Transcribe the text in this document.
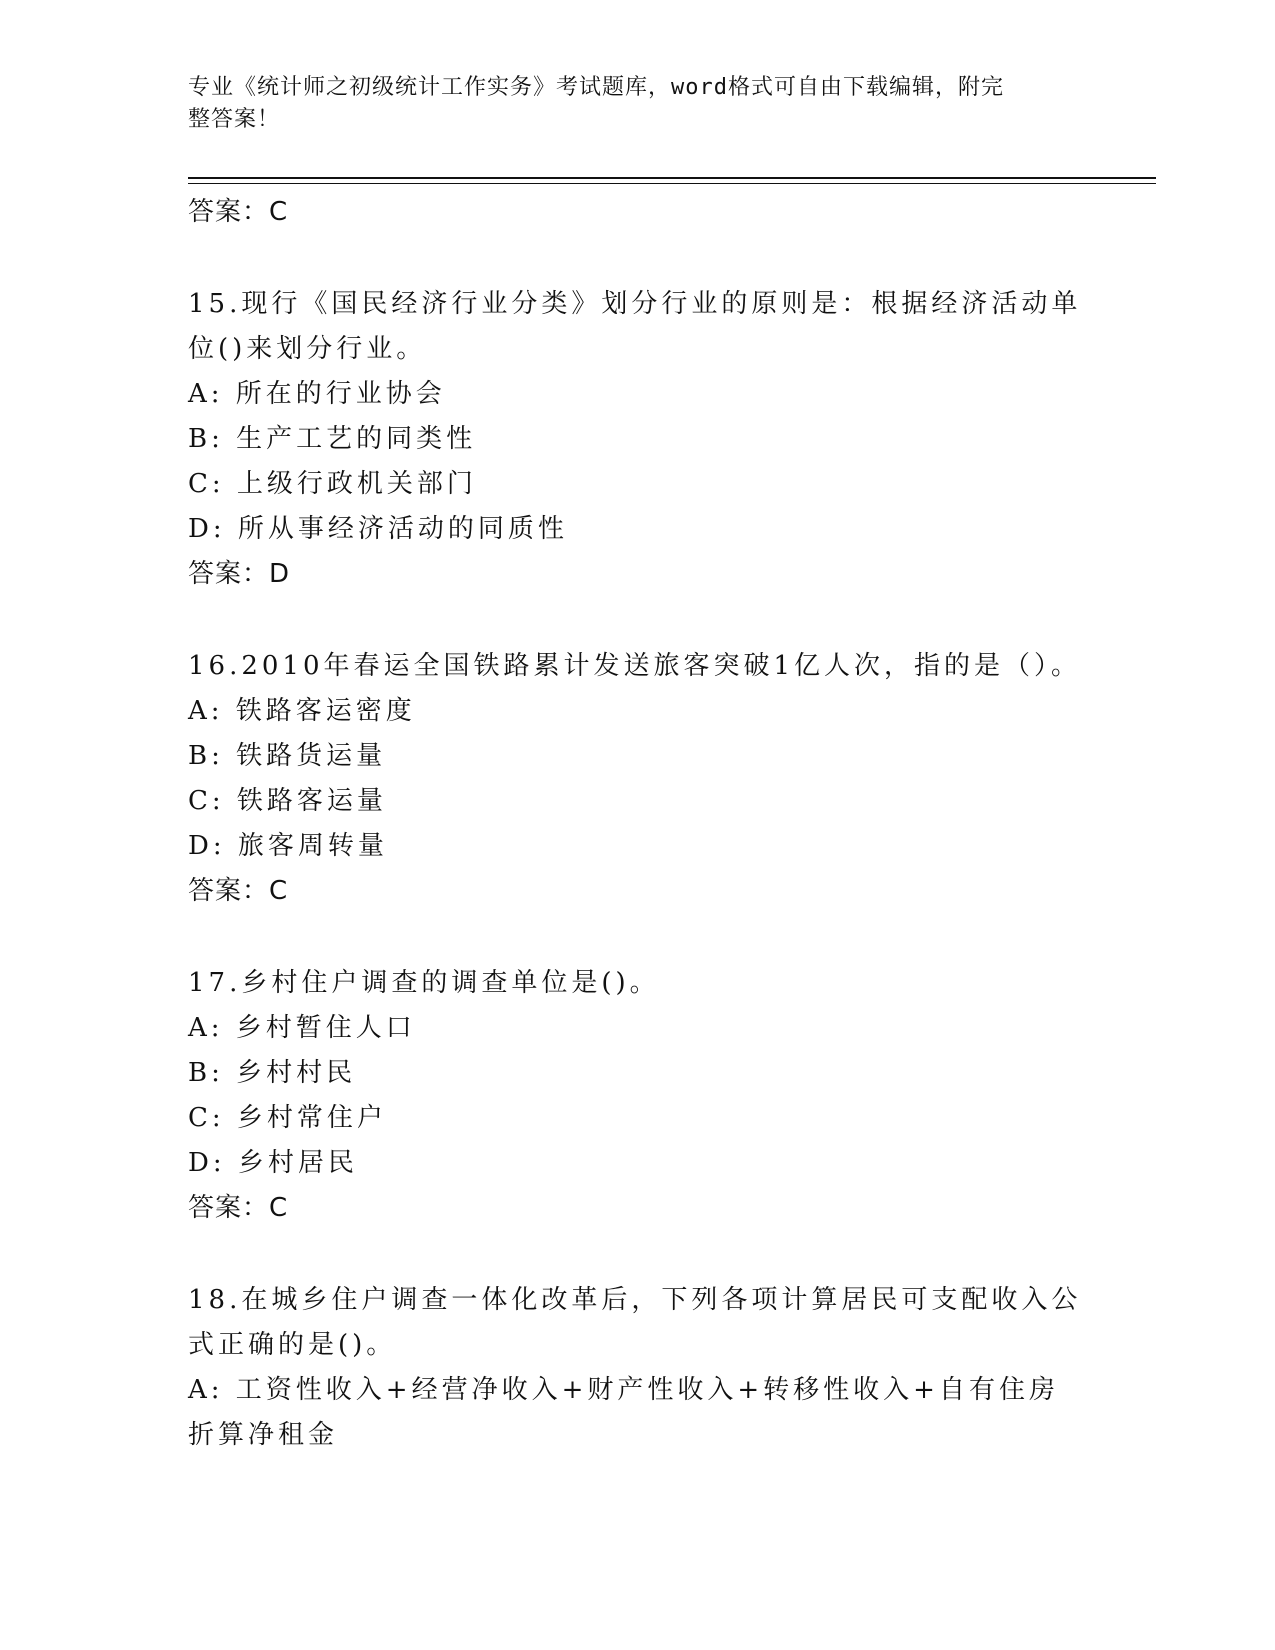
专业《统计师之初级统计工作实务》考试题库，word格式可自由下载编辑，附完
整答案！
答案：C
15.现行《国民经济行业分类》划分行业的原则是：根据经济活动单位()来划分行业。
A: 所在的行业协会
B: 生产工艺的同类性
C: 上级行政机关部门
D: 所从事经济活动的同质性
答案：D
16.2010年春运全国铁路累计发送旅客突破1亿人次，指的是（）。
A: 铁路客运密度
B: 铁路货运量
C: 铁路客运量
D: 旅客周转量
答案：C
17.乡村住户调查的调查单位是()。
A: 乡村暂住人口
B: 乡村村民
C: 乡村常住户
D: 乡村居民
答案：C
18.在城乡住户调查一体化改革后，下列各项计算居民可支配收入公式正确的是()。
A: 工资性收入+经营净收入+财产性收入+转移性收入+自有住房折算净租金
